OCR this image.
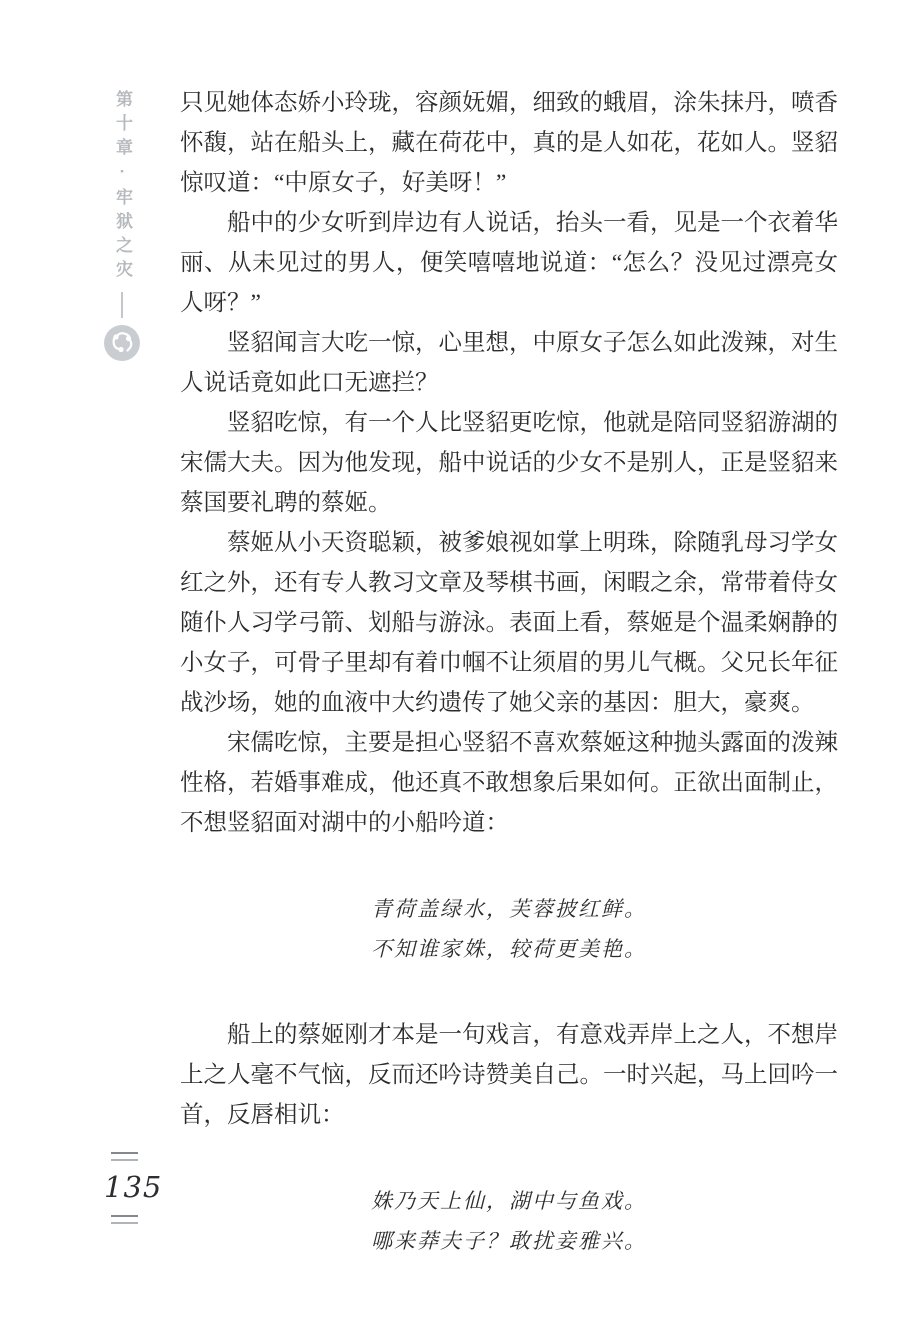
第十章·牢狱之灾 只见她体态娇小玲珑，容颜妩媚，细致的蛾眉，涂朱抹丹，喷香怀馥，站在船头上，藏在荷花中，真的是人如花，花如人。竖貂惊叹道：“中原女子，好美呀！”

船中的少女听到岸边有人说话，抬头一看，见是一个衣着华丽、从未见过的男人，便笑嘻嘻地说道：“怎么？没见过漂亮女人呀？”

竖貂闻言大吃一惊，心里想，中原女子怎么如此泼辣，对生人说话竟如此口无遮拦？

竖貂吃惊，有一个人比竖貂更吃惊，他就是陪同竖貂游湖的宋儒大夫。因为他发现，船中说话的少女不是别人，正是竖貂来蔡国要礼聘的蔡姬。

蔡姬从小天资聪颖，被爹娘视如掌上明珠，除随乳母习学女红之外，还有专人教习文章及琴棋书画，闲暇之余，常带着侍女随仆人习学弓箭、划船与游泳。表面上看，蔡姬是个温柔娴静的小女子，可骨子里却有着巾帼不让须眉的男儿气概。父兄长年征战沙场，她的血液中大约遗传了她父亲的基因：胆大，豪爽。

宋儒吃惊，主要是担心竖貂不喜欢蔡姬这种抛头露面的泼辣性格，若婚事难成，他还真不敢想象后果如何。正欲出面制止，不想竖貂面对湖中的小船吟道：

青荷盖绿水，芙蓉披红鲜。

不知谁家姝，较荷更美艳。

船上的蔡姬刚才本是一句戏言，有意戏弄岸上之人，不想岸上之人毫不气恼，反而还吟诗赞美自己。一时兴起，马上回吟一首，反唇相讥：

姝乃天上仙，湖中与鱼戏。

哪来莽夫子？敢扰妾雅兴。

135
